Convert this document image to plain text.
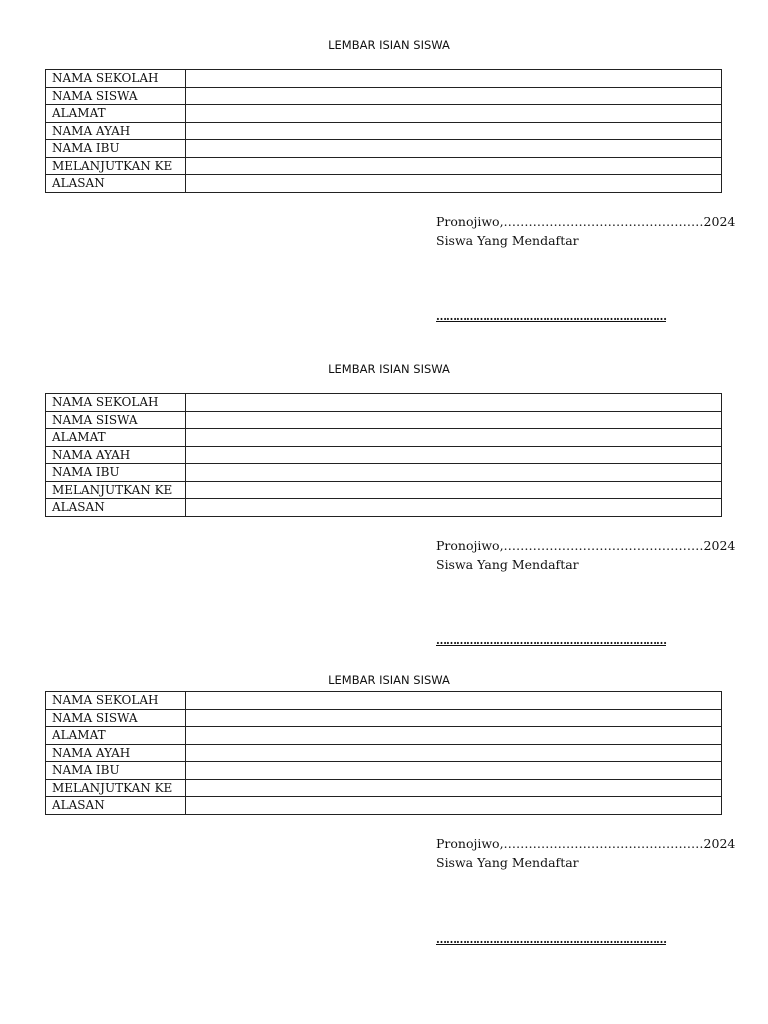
LEMBAR ISIAN SISWA
NAMA SEKOLAH	
NAMA SISWA	
ALAMAT	
NAMA AYAH	
NAMA IBU	
MELANJUTKAN KE	
ALASAN	
Pronojiwo,…………………………………………2024
Siswa Yang Mendaftar
……………………………………………………………
LEMBAR ISIAN SISWA
NAMA SEKOLAH	
NAMA SISWA	
ALAMAT	
NAMA AYAH	
NAMA IBU	
MELANJUTKAN KE	
ALASAN	
Pronojiwo,…………………………………………2024
Siswa Yang Mendaftar
……………………………………………………………
LEMBAR ISIAN SISWA
NAMA SEKOLAH	
NAMA SISWA	
ALAMAT	
NAMA AYAH	
NAMA IBU	
MELANJUTKAN KE	
ALASAN	
Pronojiwo,…………………………………………2024
Siswa Yang Mendaftar
……………………………………………………………
